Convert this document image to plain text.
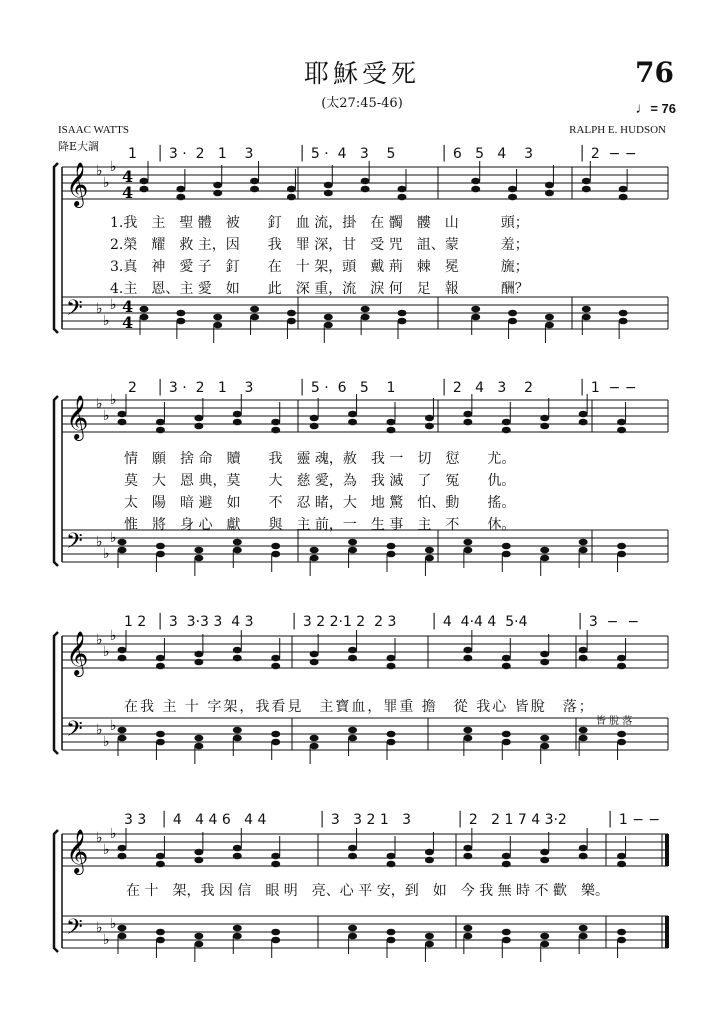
耶穌受死	76
(太27:45-46)	♩= 76
ISAAC WATTS
降E大調
RALPH E. HUDSON
𝄞 ♭
♭
♭ 4
4
𝄢 ♭
♭
♭ 4
4
𝄞 ♭
♭
♭
𝄢 ♭
♭
♭
𝄞 ♭
♭
♭
𝄢 ♭
♭
♭
𝄞 ♭
♭
♭
𝄢 ♭
♭
♭
1 │ 3 ·  2   1    3	│ 5 ·  4   3    5	│ 6   5   4    3	│ 2  − −
1.我　主　聖 體　被　　釘　血 流，掛　在 髑　髏　山　　　頭；
2.榮　耀　救 主，因　　我　罪 深，甘　受 咒　詛、蒙　　　羞；
3.真　神　愛 子　釘　　在　十 架，頭　戴 荊　棘　冕　　　旒；
4.主　恩、主 愛　如　　此　深 重，流　淚 何　足　報　　　酬？
2 │ 3 ·  2   1    3	│ 5 ·  6   5    1	│ 2   4   3    2	│ 1  − −
情　願　捨 命　贖　　我　靈 魂，赦　我 一　切　愆　　尤。
莫　大　恩 典，莫　　大　慈 愛，為　我 滅　了　冤　　仇。
太　陽　暗 避　如　　不　忍 睹，大　地 驚　怕、動　　搖。
惟　將　身 心　獻　　與　主 前，一　生 事　主　不　　休。
1 2 │ 3  3·3 3  4 3	│ 3 2 2·1 2  2 3 │ 4  4·4 4  5·4	│ 3  −  −
在我 主 十 字架，我看見　主寶血，罪重 擔　從 我心 皆脫　落；
皆 脫 落
3 3 │ 4   4 4 6   4 4	│ 3   3 2 1   3	│ 2   2 1 7 4 3·2	│ 1 − −
在 十　架，我 因 信　眼 明　亮、心 平 安，到　如　今 我 無 時 不 歡　樂。
